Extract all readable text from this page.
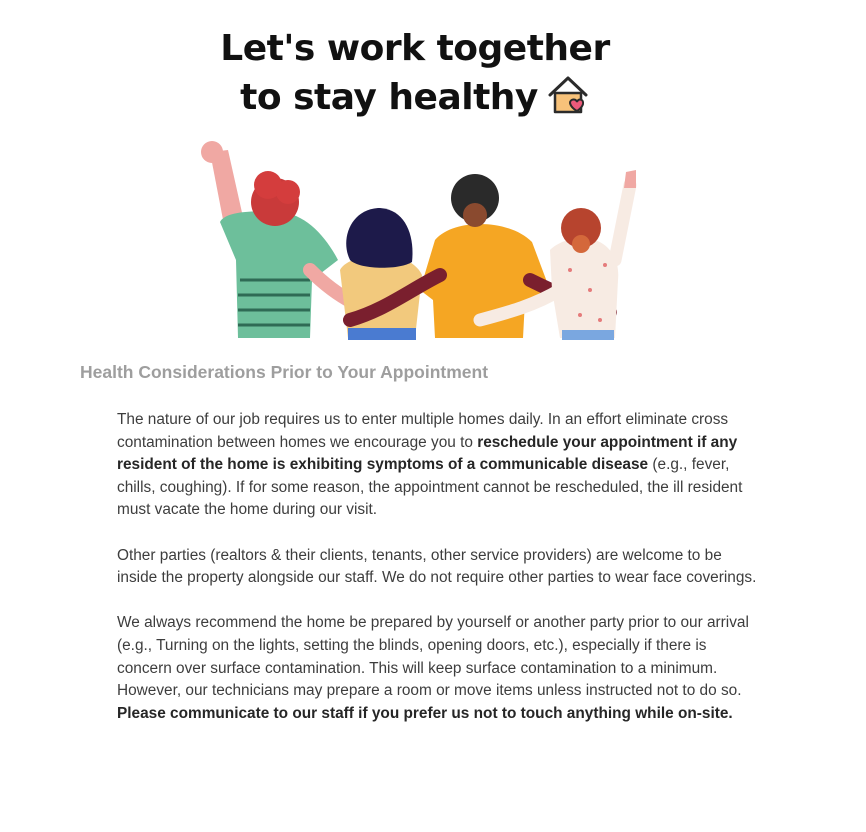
Let's work together
to stay healthy
Health Considerations Prior to Your Appointment

The nature of our job requires us to enter multiple homes daily. In an effort eliminate cross contamination between homes we encourage you to reschedule your appointment if any resident of the home is exhibiting symptoms of a communicable disease (e.g., fever, chills, coughing). If for some reason, the appointment cannot be rescheduled, the ill resident must vacate the home during our visit.

Other parties (realtors & their clients, tenants, other service providers) are welcome to be inside the property alongside our staff. We do not require other parties to wear face coverings.

We always recommend the home be prepared by yourself or another party prior to our arrival (e.g., Turning on the lights, setting the blinds, opening doors, etc.), especially if there is concern over surface contamination. This will keep surface contamination to a minimum. However, our technicians may prepare a room or move items unless instructed not to do so. Please communicate to our staff if you prefer us not to touch anything while on-site.
